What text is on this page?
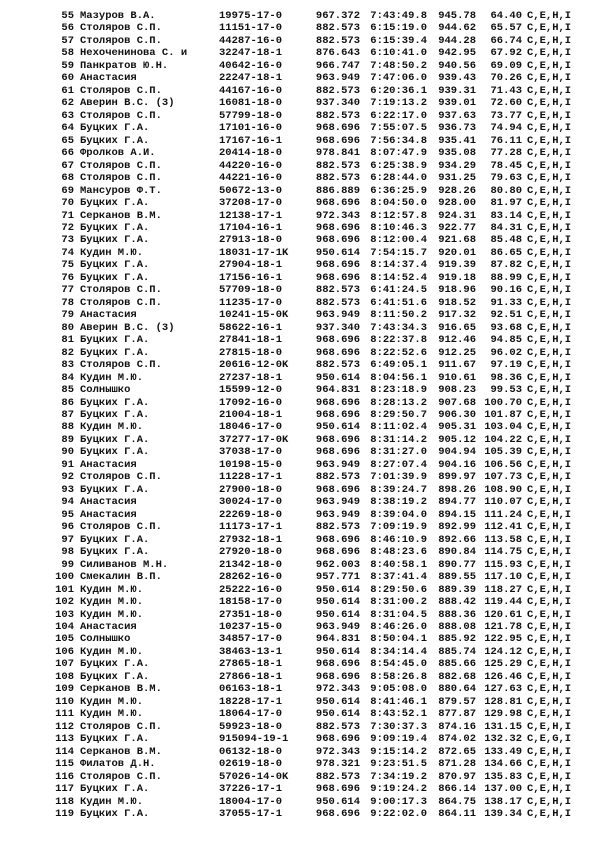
55 Мазуров В.А.	19975-17-0	967.372 7:43:49.8	945.78	64.40 C,E,H,I
56 Столяров С.П.	11151-17-0	882.573 6:15:19.0	944.62	65.57 C,E,H,I
57 Столяров С.П.	44287-16-0	882.573 6:15:39.4	944.28	66.74 C,E,H,I
58 Нехоченинова С. и	32247-18-1	876.643 6:10:41.0	942.95	67.92 C,E,H,I
59 Панкратов Ю.Н.	40642-16-0	966.747 7:48:50.2	940.56	69.09 C,E,H,I
60 Анастасия	22247-18-1	963.949 7:47:06.0	939.43	70.26 C,E,H,I
61 Столяров С.П.	44167-16-0	882.573 6:20:36.1	939.31	71.43 C,E,H,I
62 Аверин В.С. (3)	16081-18-0	937.340 7:19:13.2	939.01	72.60 C,E,H,I
63 Столяров С.П.	57799-18-0	882.573 6:22:17.0	937.63	73.77 C,E,H,I
64 Буцких Г.А.	17101-16-0	968.696 7:55:07.5	936.73	74.94 C,E,H,I
65 Буцких Г.А.	17167-16-1	968.696 7:56:34.8	935.41	76.11 C,E,H,I
66 Фролков А.И.	20414-18-0	978.841 8:07:47.9	935.08	77.28 C,E,H,I
67 Столяров С.П.	44220-16-0	882.573 6:25:38.9	934.29	78.45 C,E,H,I
68 Столяров С.П.	44221-16-0	882.573 6:28:44.0	931.25	79.63 C,E,H,I
69 Мансуров Ф.Т.	50672-13-0	886.889 6:36:25.9	928.26	80.80 C,E,H,I
70 Буцких Г.А.	37208-17-0	968.696 8:04:50.0	928.00	81.97 C,E,H,I
71 Серканов В.М.	12138-17-1	972.343 8:12:57.8	924.31	83.14 C,E,H,I
72 Буцких Г.А.	17104-16-1	968.696 8:10:46.3	922.77	84.31 C,E,H,I
73 Буцких Г.А.	27913-18-0	968.696 8:12:00.4	921.68	85.48 C,E,H,I
74 Кудин М.Ю.	18031-17-1K	950.614 7:54:15.7	920.01	86.65 C,E,H,I
75 Буцких Г.А.	27904-18-1	968.696 8:14:37.4	919.39	87.82 C,E,H,I
76 Буцких Г.А.	17156-16-1	968.696 8:14:52.4	919.18	88.99 C,E,H,I
77 Столяров С.П.	57709-18-0	882.573 6:41:24.5	918.96	90.16 C,E,H,I
78 Столяров С.П.	11235-17-0	882.573 6:41:51.6	918.52	91.33 C,E,H,I
79 Анастасия	10241-15-0K	963.949 8:11:50.2	917.32	92.51 C,E,H,I
80 Аверин В.С. (3)	58622-16-1	937.340 7:43:34.3	916.65	93.68 C,E,H,I
81 Буцких Г.А.	27841-18-1	968.696 8:22:37.8	912.46	94.85 C,E,H,I
82 Буцких Г.А.	27815-18-0	968.696 8:22:52.6	912.25	96.02 C,E,H,I
83 Столяров С.П.	20616-12-0K	882.573 6:49:05.1	911.67	97.19 C,E,H,I
84 Кудин М.Ю.	27237-18-1	950.614 8:04:56.1	910.61	98.36 C,E,H,I
85 Солнышко	15599-12-0	964.831 8:23:18.9	908.23	99.53 C,E,H,I
86 Буцких Г.А.	17092-16-0	968.696 8:28:13.2	907.68 100.70 C,E,H,I
87 Буцких Г.А.	21004-18-1	968.696 8:29:50.7	906.30 101.87 C,E,H,I
88 Кудин М.Ю.	18046-17-0	950.614 8:11:02.4	905.31 103.04 C,E,H,I
89 Буцких Г.А.	37277-17-0K	968.696 8:31:14.2	905.12 104.22 C,E,H,I
90 Буцких Г.А.	37038-17-0	968.696 8:31:27.0	904.94 105.39 C,E,H,I
91 Анастасия	10198-15-0	963.949 8:27:07.4	904.16 106.56 C,E,H,I
92 Столяров С.П.	11228-17-1	882.573 7:01:39.9	899.97 107.73 C,E,H,I
93 Буцких Г.А.	27900-18-0	968.696 8:39:24.7	898.26 108.90 C,E,H,I
94 Анастасия	30024-17-0	963.949 8:38:19.2	894.77 110.07 C,E,H,I
95 Анастасия	22269-18-0	963.949 8:39:04.0	894.15 111.24 C,E,H,I
96 Столяров С.П.	11173-17-1	882.573 7:09:19.9	892.99 112.41 C,E,H,I
97 Буцких Г.А.	27932-18-1	968.696 8:46:10.9	892.66 113.58 C,E,H,I
98 Буцких Г.А.	27920-18-0	968.696 8:48:23.6	890.84 114.75 C,E,H,I
99 Силиванов М.Н.	21342-18-0	962.003 8:40:58.1	890.77 115.93 C,E,H,I
100 Смекалин В.П.	28262-16-0	957.771 8:37:41.4	889.55 117.10 C,E,H,I
101 Кудин М.Ю.	25222-16-0	950.614 8:29:50.6	889.39 118.27 C,E,H,I
102 Кудин М.Ю.	18158-17-0	950.614 8:31:00.2	888.42 119.44 C,E,H,I
103 Кудин М.Ю.	27351-18-0	950.614 8:31:04.5	888.36 120.61 C,E,H,I
104 Анастасия	10237-15-0	963.949 8:46:26.0	888.08 121.78 C,E,H,I
105 Солнышко	34857-17-0	964.831 8:50:04.1	885.92 122.95 C,E,H,I
106 Кудин М.Ю.	38463-13-1	950.614 8:34:14.4	885.74 124.12 C,E,H,I
107 Буцких Г.А.	27865-18-1	968.696 8:54:45.0	885.66 125.29 C,E,H,I
108 Буцких Г.А.	27866-18-1	968.696 8:58:26.8	882.68 126.46 C,E,H,I
109 Серканов В.М.	06163-18-1	972.343 9:05:08.0	880.64 127.63 C,E,H,I
110 Кудин М.Ю.	18228-17-1	950.614 8:41:46.1	879.57 128.81 C,E,H,I
111 Кудин М.Ю.	18064-17-0	950.614 8:43:52.1	877.87 129.98 C,E,H,I
112 Столяров С.П.	59923-18-0	882.573 7:30:37.3	874.16 131.15 C,E,H,I
113 Буцких Г.А.	915094-19-1	968.696 9:09:19.4	874.02 132.32 C,E,G,I
114 Серканов В.М.	06132-18-0	972.343 9:15:14.2	872.65 133.49 C,E,H,I
115 Филатов Д.Н.	02619-18-0	978.321 9:23:51.5	871.28 134.66 C,E,H,I
116 Столяров С.П.	57026-14-0K	882.573 7:34:19.2	870.97 135.83 C,E,H,I
117 Буцких Г.А.	37226-17-1	968.696 9:19:24.2	866.14 137.00 C,E,H,I
118 Кудин М.Ю.	18004-17-0	950.614 9:00:17.3	864.75 138.17 C,E,H,I
119 Буцких Г.А.	37055-17-1	968.696 9:22:02.0	864.11 139.34 C,E,H,I
